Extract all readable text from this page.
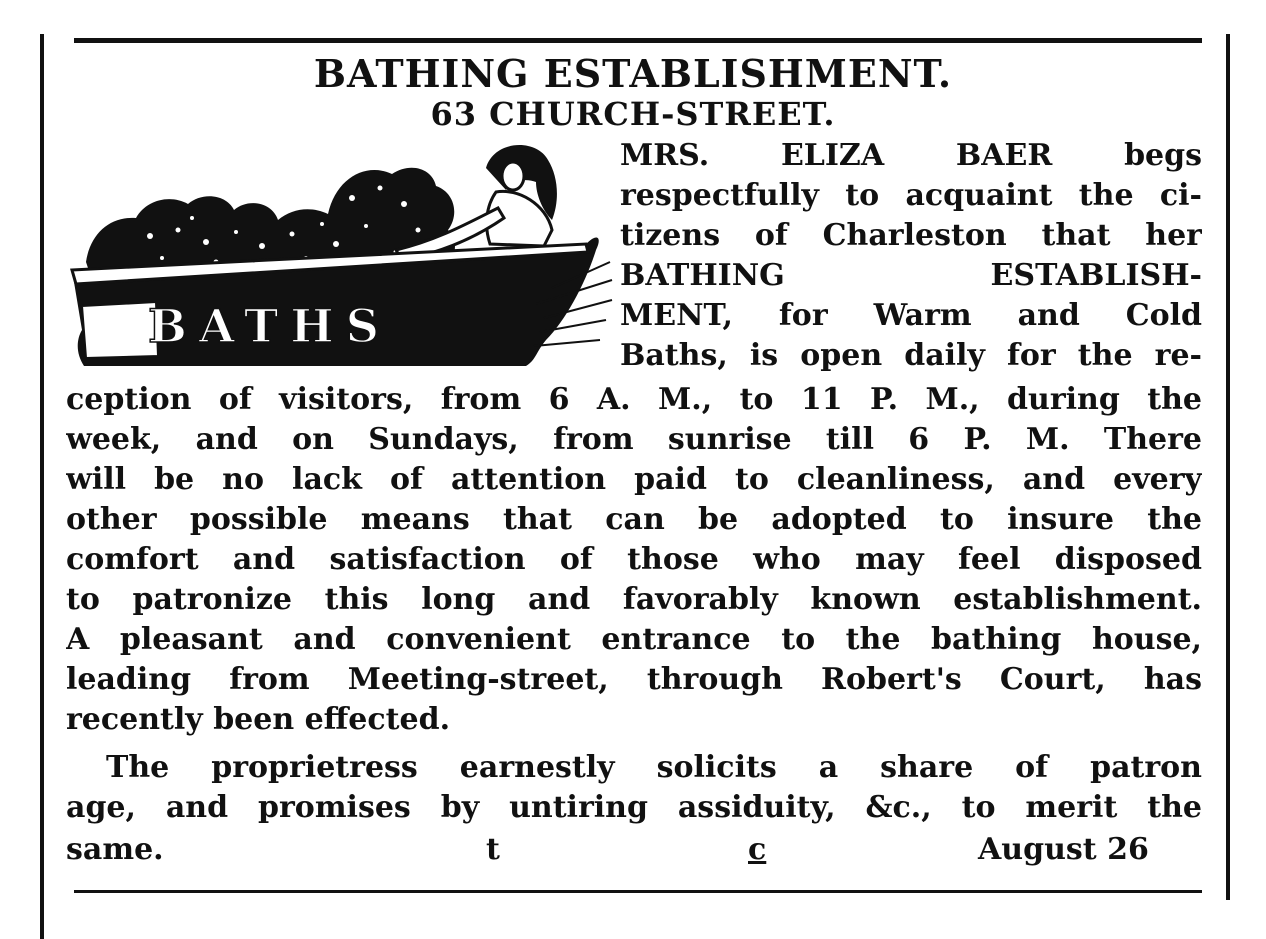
BATHING ESTABLISHMENT.
63 CHURCH-STREET.
BATHS
MRS. ELIZA BAER begs
respectfully to acquaint the ci-
tizens of Charleston that her
BATHING ESTABLISH-
MENT, for Warm and Cold
Baths, is open daily for the re-
ception of visitors, from 6 A. M., to 11 P. M., during the
week, and on Sundays, from sunrise till 6 P. M. There
will be no lack of attention paid to cleanliness, and every
other possible means that can be adopted to insure the
comfort and satisfaction of those who may feel disposed
to patronize this long and favorably known establishment.
A pleasant and convenient entrance to the bathing house,
leading from Meeting-street, through Robert's Court, has
recently been effected.
The proprietress earnestly solicits a share of patron
age, and promises by untiring assiduity, &c., to merit the
same.	t	c	August 26
